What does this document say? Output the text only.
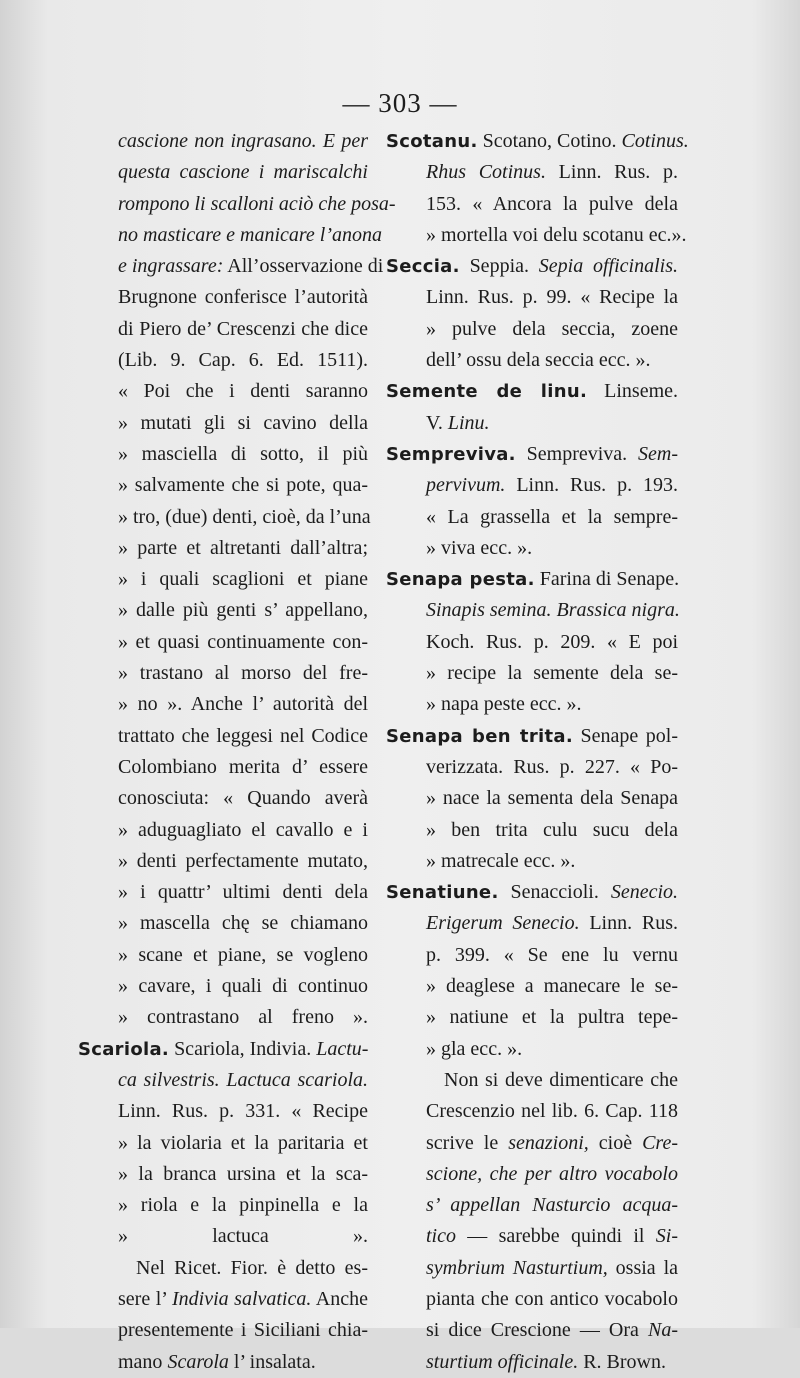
— 303 —
cascione non ingrasano. E per
questa cascione i mariscalchi
rompono li scalloni aciò che posa-
no masticare e manicare l’anona
e ingrassare: All’osservazione di
Brugnone conferisce l’autorità
di Piero de’ Crescenzi che dice
(Lib. 9. Cap. 6. Ed. 1511).
« Poi che i denti saranno
» mutati gli si cavino della
» masciella di sotto, il più
» salvamente che si pote, qua-
» tro, (due) denti, cioè, da l’una
» parte et altretanti dall’altra;
» i quali scaglioni et piane
» dalle più genti s’ appellano,
» et quasi continuamente con-
» trastano al morso del fre-
» no ». Anche l’ autorità del
trattato che leggesi nel Codice
Colombiano merita d’ essere
conosciuta: « Quando averà
» aduguagliato el cavallo e i
» denti perfectamente mutato,
» i quattr’ ultimi denti dela
» mascella chę se chiamano
» scane et piane, se vogleno
» cavare, i quali di continuo
» contrastano al freno ».
Scariola. Scariola, Indivia. Lactu-
ca silvestris. Lactuca scariola.
Linn. Rus. p. 331. « Recipe
» la violaria et la paritaria et
» la branca ursina et la sca-
» riola e la pinpinella e la
» lactuca ».
Nel Ricet. Fior. è detto es-
sere l’ Indivia salvatica. Anche
presentemente i Siciliani chia-
mano Scarola l’ insalata.
Scotanu. Scotano, Cotino. Cotinus.
Rhus Cotinus. Linn. Rus. p.
153. « Ancora la pulve dela
» mortella voi delu scotanu ec.».
Seccia. Seppia. Sepia officinalis.
Linn. Rus. p. 99. « Recipe la
» pulve dela seccia, zoene
dell’ ossu dela seccia ecc. ».
Semente de linu. Linseme.
V. Linu.
Sempreviva. Sempreviva. Sem-
pervivum. Linn. Rus. p. 193.
« La grassella et la sempre-
» viva ecc. ».
Senapa pesta. Farina di Senape.
Sinapis semina. Brassica nigra.
Koch. Rus. p. 209. « E poi
» recipe la semente dela se-
» napa peste ecc. ».
Senapa ben trita. Senape pol-
verizzata. Rus. p. 227. « Po-
» nace la sementa dela Senapa
» ben trita culu sucu dela
» matrecale ecc. ».
Senatiune. Senaccioli. Senecio.
Erigerum Senecio. Linn. Rus.
p. 399. « Se ene lu vernu
» deaglese a manecare le se-
» natiune et la pultra tepe-
» gla ecc. ».
Non si deve dimenticare che
Crescenzio nel lib. 6. Cap. 118
scrive le senazioni, cioè Cre-
scione, che per altro vocabolo
s’ appellan Nasturcio acqua-
tico — sarebbe quindi il Si-
symbrium Nasturtium, ossia la
pianta che con antico vocabolo
si dice Crescione — Ora Na-
sturtium officinale. R. Brown.
